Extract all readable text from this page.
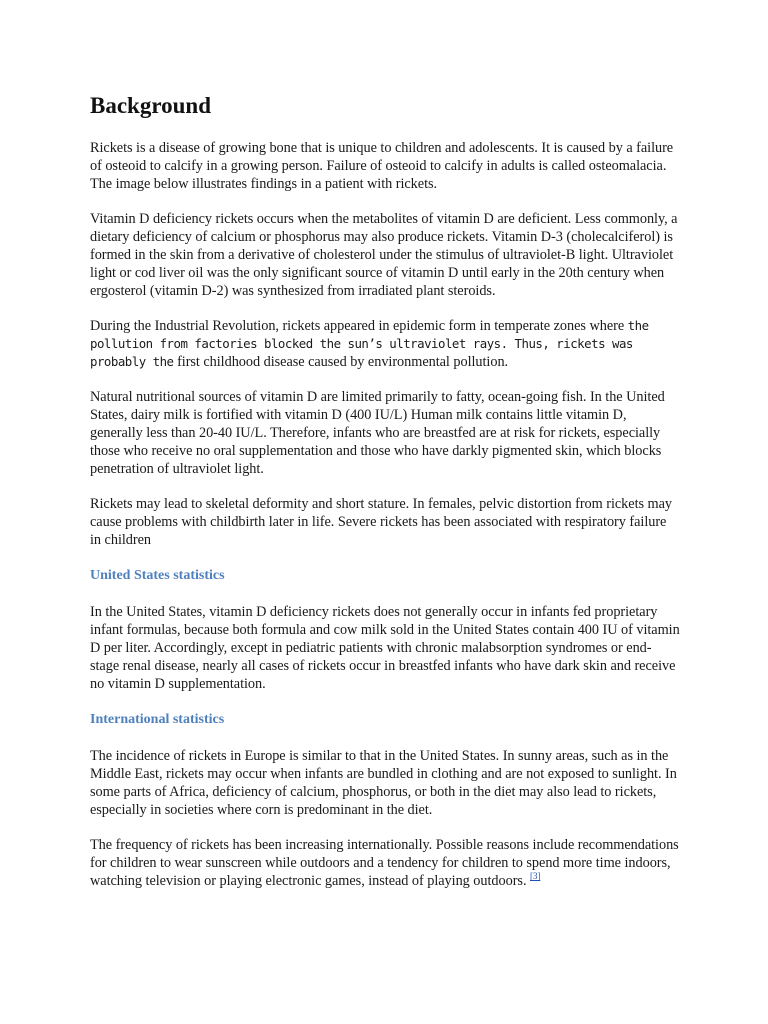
Background

Rickets is a disease of growing bone that is unique to children and adolescents. It is caused by a failure of osteoid to calcify in a growing person. Failure of osteoid to calcify in adults is called osteomalacia. The image below illustrates findings in a patient with rickets.

Vitamin D deficiency rickets occurs when the metabolites of vitamin D are deficient. Less commonly, a dietary deficiency of calcium or phosphorus may also produce rickets. Vitamin D-3 (cholecalciferol) is formed in the skin from a derivative of cholesterol under the stimulus of ultraviolet-B light. Ultraviolet light or cod liver oil was the only significant source of vitamin D until early in the 20th century when ergosterol (vitamin D-2) was synthesized from irradiated plant steroids.

During the Industrial Revolution, rickets appeared in epidemic form in temperate zones where the pollution from factories blocked the sun’s ultraviolet rays. Thus, rickets was probably the first childhood disease caused by environmental pollution.

Natural nutritional sources of vitamin D are limited primarily to fatty, ocean-going fish. In the United States, dairy milk is fortified with vitamin D (400 IU/L) Human milk contains little vitamin D, generally less than 20-40 IU/L. Therefore, infants who are breastfed are at risk for rickets, especially those who receive no oral supplementation and those who have darkly pigmented skin, which blocks penetration of ultraviolet light.

Rickets may lead to skeletal deformity and short stature. In females, pelvic distortion from rickets may cause problems with childbirth later in life. Severe rickets has been associated with respiratory failure in children

United States statistics

In the United States, vitamin D deficiency rickets does not generally occur in infants fed proprietary infant formulas, because both formula and cow milk sold in the United States contain 400 IU of vitamin D per liter. Accordingly, except in pediatric patients with chronic malabsorption syndromes or end-stage renal disease, nearly all cases of rickets occur in breastfed infants who have dark skin and receive no vitamin D supplementation.

International statistics

The incidence of rickets in Europe is similar to that in the United States. In sunny areas, such as in the Middle East, rickets may occur when infants are bundled in clothing and are not exposed to sunlight. In some parts of Africa, deficiency of calcium, phosphorus, or both in the diet may also lead to rickets, especially in societies where corn is predominant in the diet.

The frequency of rickets has been increasing internationally. Possible reasons include recommendations for children to wear sunscreen while outdoors and a tendency for children to spend more time indoors, watching television or playing electronic games, instead of playing outdoors. [3]
